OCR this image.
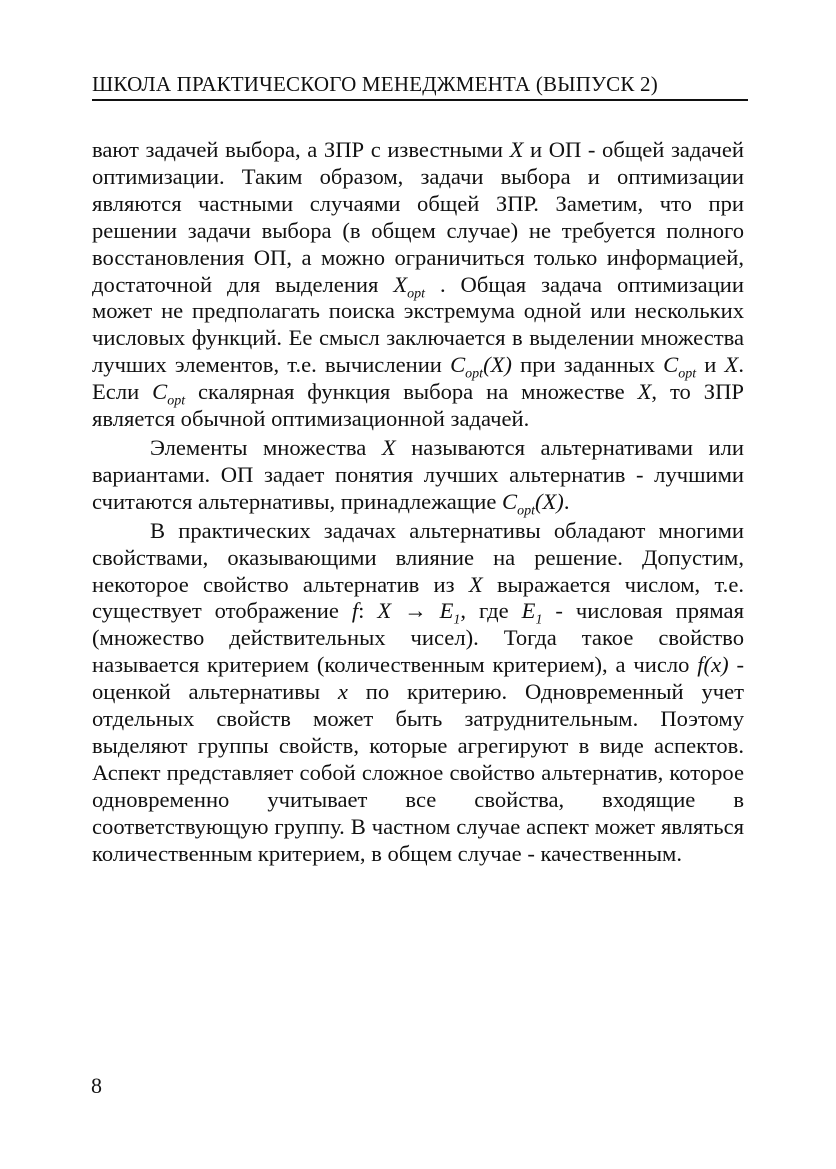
ШКОЛА ПРАКТИЧЕСКОГО МЕНЕДЖМЕНТА (ВЫПУСК 2)

вают задачей выбора, а ЗПР с известными X и ОП - общей задачей оптимизации. Таким образом, задачи выбора и оптимизации являются частными случаями общей ЗПР. Заметим, что при решении задачи выбора (в общем случае) не требуется полного восстановления ОП, а можно ограничиться только информацией, достаточной для выделения $X_{opt}$ . Общая задача оптимизации может не предполагать поиска экстремума одной или нескольких числовых функций. Ее смысл заключается в выделении множества лучших элементов, т.е. вычислении $C_{opt}(X)$ при заданных $C_{opt}$ и X. Если $C_{opt}$ скалярная функция выбора на множестве X, то ЗПР является обычной оптимизационной задачей.

Элементы множества X называются альтернативами или вариантами. ОП задает понятия лучших альтернатив - лучшими считаются альтернативы, принадлежащие $C_{opt}(X)$.

В практических задачах альтернативы обладают многими свойствами, оказывающими влияние на решение. Допустим, некоторое свойство альтернатив из X выражается числом, т.е. существует отображение f: $X \to E_1$, где $E_1$ - числовая прямая (множество действительных чисел). Тогда такое свойство называется критерием (количественным критерием), а число f(x) - оценкой альтернативы x по критерию. Одновременный учет отдельных свойств может быть затруднительным. Поэтому выделяют группы свойств, которые агрегируют в виде аспектов. Аспект представляет собой сложное свойство альтернатив, которое одновременно учитывает все свойства, входящие в соответствующую группу. В частном случае аспект может являться количественным критерием, в общем случае - качественным.

8
